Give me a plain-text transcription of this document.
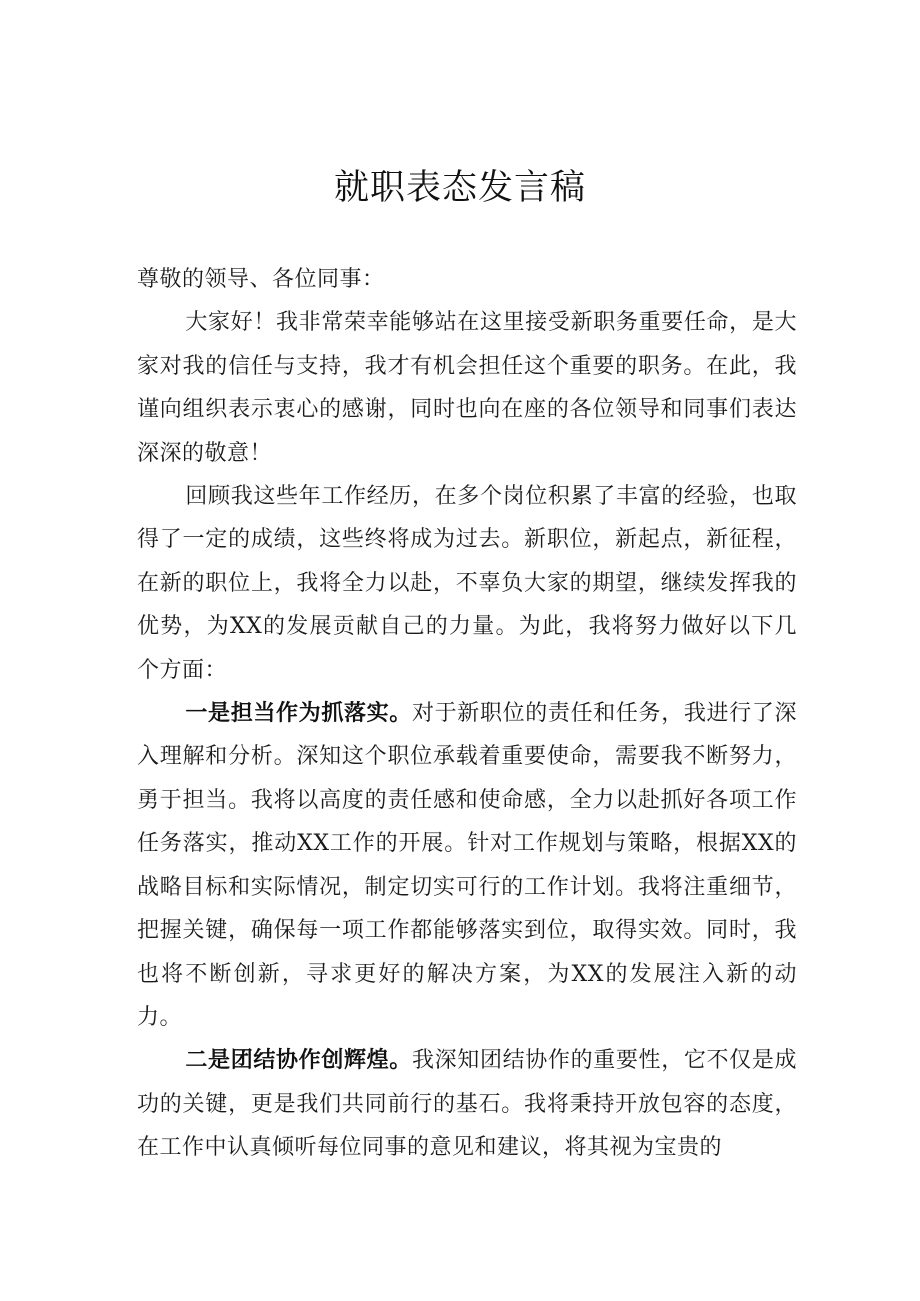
就职表态发言稿

尊敬的领导、各位同事：

大家好！我非常荣幸能够站在这里接受新职务重要任命，是大家对我的信任与支持，我才有机会担任这个重要的职务。在此，我谨向组织表示衷心的感谢，同时也向在座的各位领导和同事们表达深深的敬意！

回顾我这些年工作经历，在多个岗位积累了丰富的经验，也取得了一定的成绩，这些终将成为过去。新职位，新起点，新征程，在新的职位上，我将全力以赴，不辜负大家的期望，继续发挥我的优势，为XX的发展贡献自己的力量。为此，我将努力做好以下几个方面：

一是担当作为抓落实。对于新职位的责任和任务，我进行了深入理解和分析。深知这个职位承载着重要使命，需要我不断努力，勇于担当。我将以高度的责任感和使命感，全力以赴抓好各项工作任务落实，推动XX工作的开展。针对工作规划与策略，根据XX的战略目标和实际情况，制定切实可行的工作计划。我将注重细节，把握关键，确保每一项工作都能够落实到位，取得实效。同时，我也将不断创新，寻求更好的解决方案，为XX的发展注入新的动力。

二是团结协作创辉煌。我深知团结协作的重要性，它不仅是成功的关键，更是我们共同前行的基石。我将秉持开放包容的态度，在工作中认真倾听每位同事的意见和建议，将其视为宝贵的
